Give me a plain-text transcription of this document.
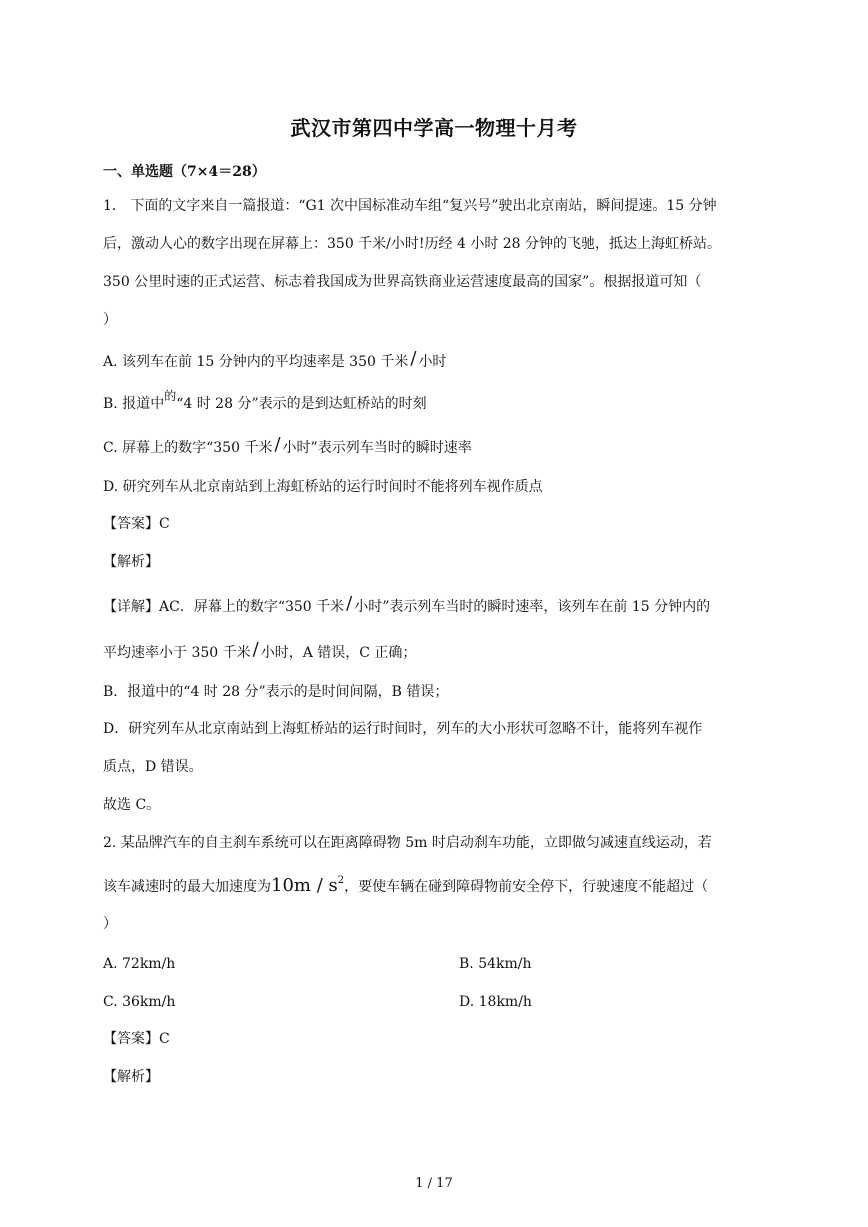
武汉市第四中学高一物理十月考
一、单选题（7×4＝28）
1.　下面的文字来自一篇报道：“G1 次中国标准动车组“复兴号”驶出北京南站，瞬间提速。15 分钟
后，激动人心的数字出现在屏幕上：350 千米/小时!历经 4 小时 28 分钟的飞驰，抵达上海虹桥站。
350 公里时速的正式运营、标志着我国成为世界高铁商业运营速度最高的国家”。根据报道可知（
）
A. 该列车在前 15 分钟内的平均速率是 350 千米 / 小时
B. 报道中的“4 时 28 分”表示的是到达虹桥站的时刻
C. 屏幕上的数字“350 千米 / 小时”表示列车当时的瞬时速率
D. 研究列车从北京南站到上海虹桥站的运行时间时不能将列车视作质点
【答案】C
【解析】
【详解】AC．屏幕上的数字“350 千米 / 小时”表示列车当时的瞬时速率，该列车在前 15 分钟内的
平均速率小于 350 千米 / 小时，A 错误，C 正确；
B．报道中的“4 时 28 分”表示的是时间间隔，B 错误；
D．研究列车从北京南站到上海虹桥站的运行时间时，列车的大小形状可忽略不计，能将列车视作
质点，D 错误。
故选 C。
2. 某品牌汽车的自主刹车系统可以在距离障碍物 5m 时启动刹车功能，立即做匀减速直线运动，若
该车减速时的最大加速度为$10m / s^2$，要使车辆在碰到障碍物前安全停下，行驶速度不能超过（
）
A. 72km/h	B. 54km/h
C. 36km/h	D. 18km/h
【答案】C
【解析】
1 / 17
